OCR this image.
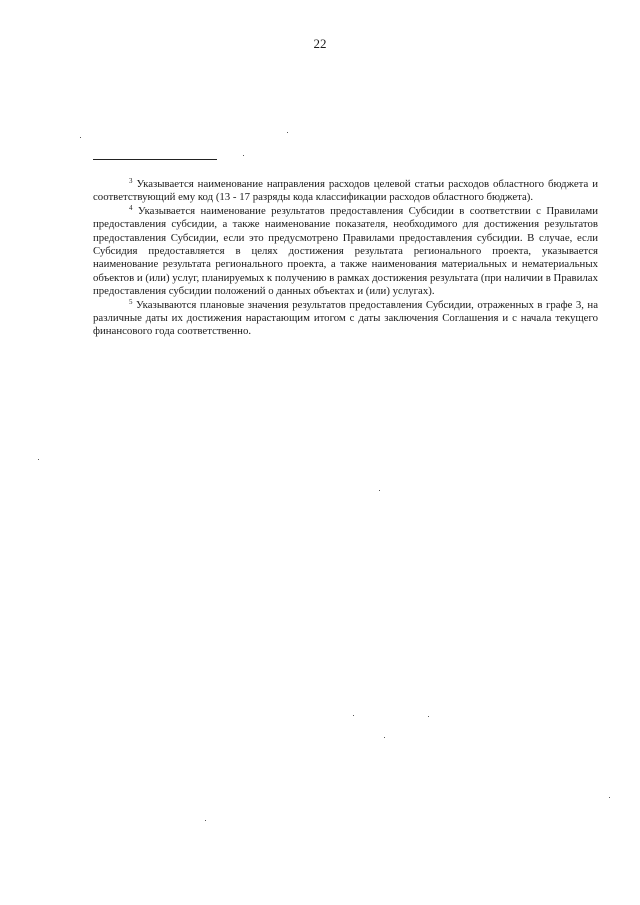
22

$^3$ Указывается наименование направления расходов целевой статьи расходов областного бюджета и соответствующий ему код (13 - 17 разряды кода классификации расходов областного бюджета).

$^4$ Указывается наименование результатов предоставления Субсидии в соответствии с Правилами предоставления субсидии, а также наименование показателя, необходимого для достижения результатов предоставления Субсидии, если это предусмотрено Правилами предоставления субсидии. В случае, если Субсидия предоставляется в целях достижения результата регионального проекта, указывается наименование результата регионального проекта, а также наименования материальных и нематериальных объектов и (или) услуг, планируемых к получению в рамках достижения результата (при наличии в Правилах предоставления субсидии положений о данных объектах и (или) услугах).

$^5$ Указываются плановые значения результатов предоставления Субсидии, отраженных в графе 3, на различные даты их достижения нарастающим итогом с даты заключения Соглашения и с начала текущего финансового года соответственно.
